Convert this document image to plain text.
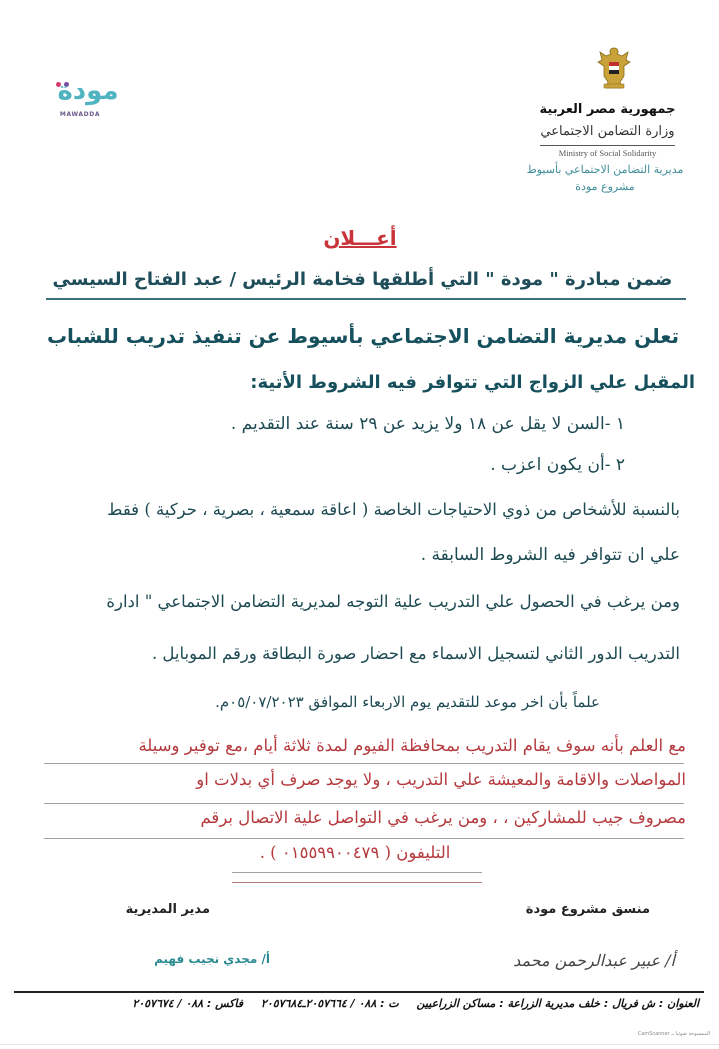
جمهورية مصر العربية
وزارة التضامن الاجتماعي
Ministry of Social Solidarity
مديرية التضامن الاجتماعي بأسيوط
مشروع مودة
مودة
MAWADDA
أعـــلان
ضمن مبادرة " مودة " التي أطلقها فخامة الرئيس / عبد الفتاح السيسي
تعلن مديرية التضامن الاجتماعي بأسيوط عن تنفيذ تدريب للشباب
المقبل علي الزواج التي تتوافر فيه الشروط الأتية:
١ -السن لا يقل عن ١٨ ولا يزيد عن ٢٩ سنة عند التقديم .
٢ -أن يكون اعزب .
بالنسبة للأشخاص من ذوي الاحتياجات الخاصة ( اعاقة سمعية ، بصرية ، حركية ) فقط
علي ان تتوافر فيه الشروط السابقة .
ومن يرغب في الحصول علي التدريب علية التوجه لمديرية التضامن الاجتماعي " ادارة
التدريب الدور الثاني لتسجيل الاسماء مع احضار صورة البطاقة ورقم الموبايل .
علماً بأن اخر موعد للتقديم يوم الاربعاء الموافق ٠٥/٠٧/٢٠٢٣م.
مع العلم بأنه سوف يقام التدريب بمحافظة الفيوم لمدة ثلاثة أيام ،مع توفير وسيلة
المواصلات والاقامة والمعيشة علي التدريب ، ولا يوجد صرف أي بدلات او
مصروف جيب للمشاركين ، ، ومن يرغب في التواصل علية الاتصال برقم
التليفون ( ٠١٥٥٩٩٠٠٤٧٩ ) .
منسق مشروع مودة
مدير المديرية
أ/ عبير عبدالرحمن محمد
أ/ مجدي نجيب فهيم
العنوان : ش فريال : خلف مديرية الزراعة : مساكن الزراعيين ت : ٠٨٨ / ٢٠٥٧٦٦٤ـ٢٠٥٧٦٨٤ فاكس : ٠٨٨ / ٢٠٥٧٦٧٤
الممسوحة ضوئيا بـ CamScanner
